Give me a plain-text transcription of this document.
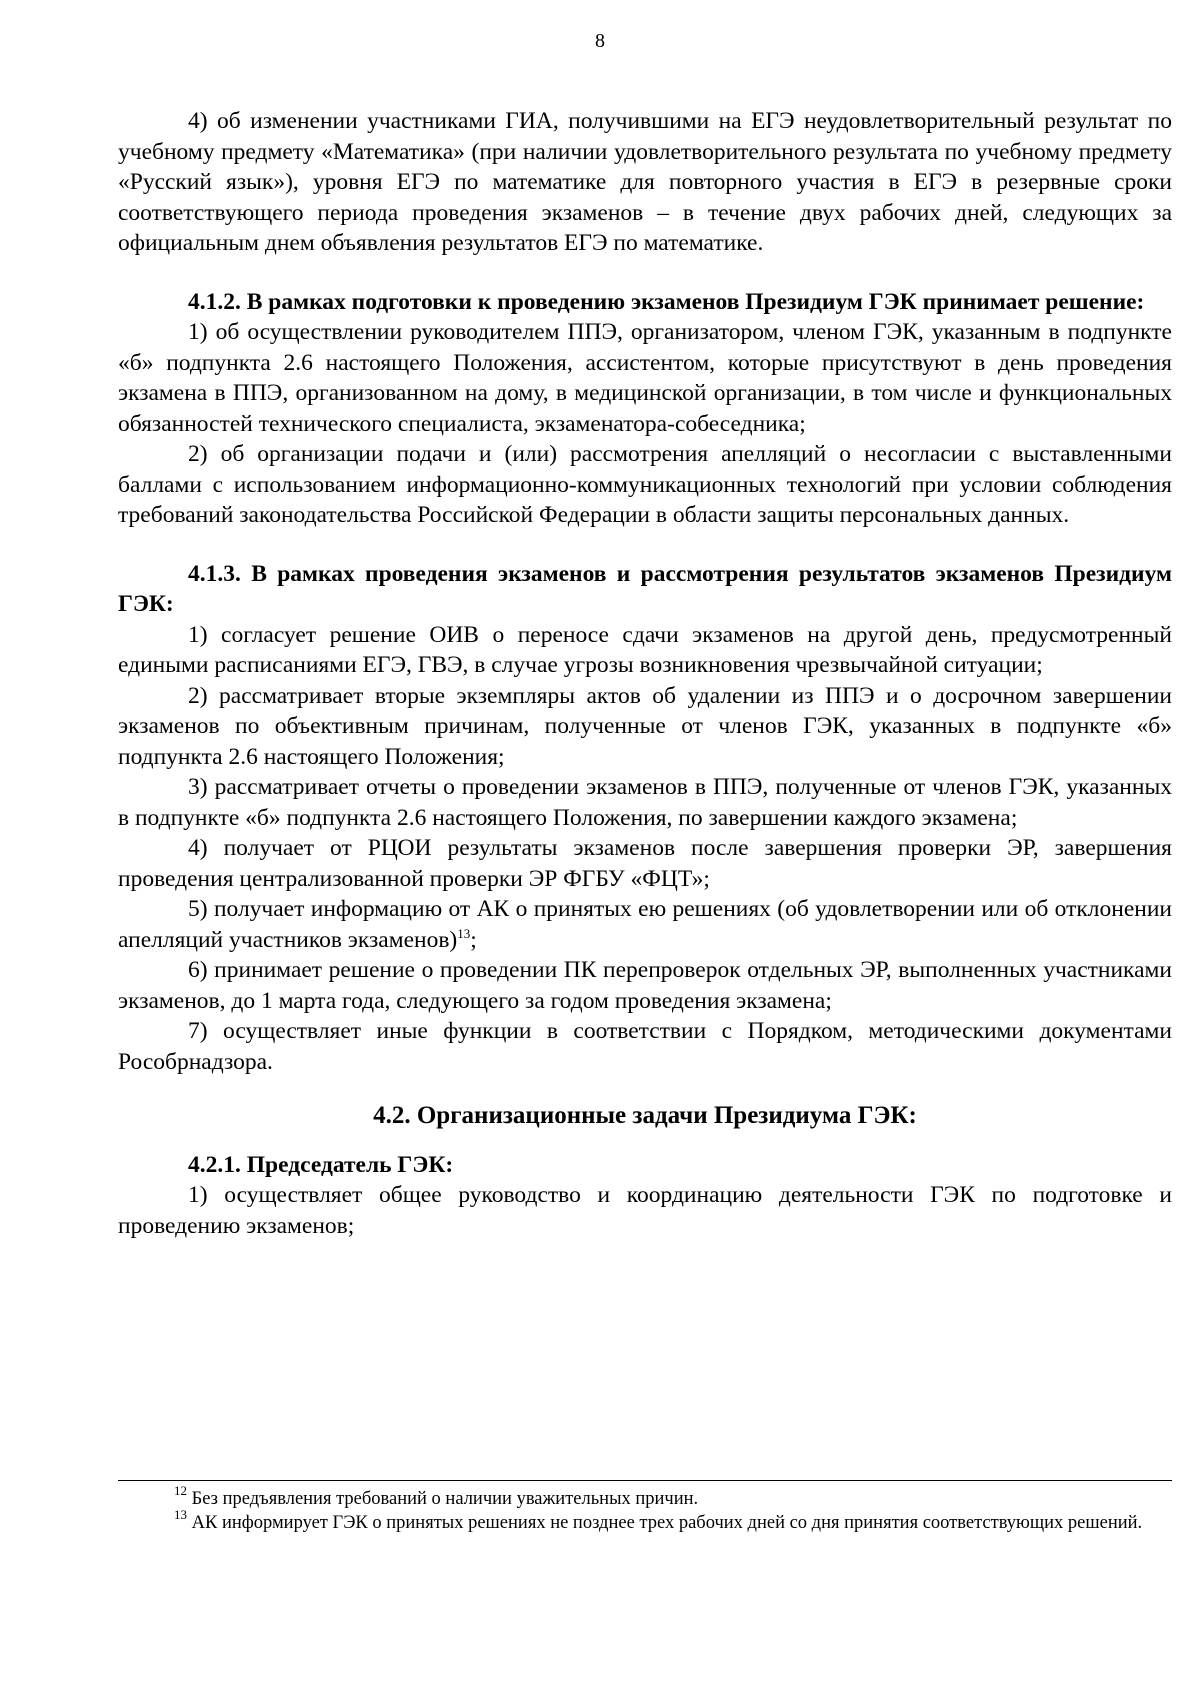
8

4) об изменении участниками ГИА, получившими на ЕГЭ неудовлетворительный результат по учебному предмету «Математика» (при наличии удовлетворительного результата по учебному предмету «Русский язык»), уровня ЕГЭ по математике для повторного участия в ЕГЭ в резервные сроки соответствующего периода проведения экзаменов – в течение двух рабочих дней, следующих за официальным днем объявления результатов ЕГЭ по математике.

4.1.2. В рамках подготовки к проведению экзаменов Президиум ГЭК принимает решение:

1) об осуществлении руководителем ППЭ, организатором, членом ГЭК, указанным в подпункте «б» подпункта 2.6 настоящего Положения, ассистентом, которые присутствуют в день проведения экзамена в ППЭ, организованном на дому, в медицинской организации, в том числе и функциональных обязанностей технического специалиста, экзаменатора-собеседника;

2) об организации подачи и (или) рассмотрения апелляций о несогласии с выставленными баллами с использованием информационно-коммуникационных технологий при условии соблюдения требований законодательства Российской Федерации в области защиты персональных данных.

4.1.3. В рамках проведения экзаменов и рассмотрения результатов экзаменов Президиум ГЭК:

1) согласует решение ОИВ о переносе сдачи экзаменов на другой день, предусмотренный едиными расписаниями ЕГЭ, ГВЭ, в случае угрозы возникновения чрезвычайной ситуации;

2) рассматривает вторые экземпляры актов об удалении из ППЭ и о досрочном завершении экзаменов по объективным причинам, полученные от членов ГЭК, указанных в подпункте «б» подпункта 2.6 настоящего Положения;

3) рассматривает отчеты о проведении экзаменов в ППЭ, полученные от членов ГЭК, указанных в подпункте «б» подпункта 2.6 настоящего Положения, по завершении каждого экзамена;

4) получает от РЦОИ результаты экзаменов после завершения проверки ЭР, завершения проведения централизованной проверки ЭР ФГБУ «ФЦТ»;

5) получает информацию от АК о принятых ею решениях (об удовлетворении или об отклонении апелляций участников экзаменов)$^{13}$;

6) принимает решение о проведении ПК перепроверок отдельных ЭР, выполненных участниками экзаменов, до 1 марта года, следующего за годом проведения экзамена;

7) осуществляет иные функции в соответствии с Порядком, методическими документами Рособрнадзора.

4.2. Организационные задачи Президиума ГЭК:

4.2.1. Председатель ГЭК:

1) осуществляет общее руководство и координацию деятельности ГЭК по подготовке и проведению экзаменов;

$^{12}$ Без предъявления требований о наличии уважительных причин.

$^{13}$ АК информирует ГЭК о принятых решениях не позднее трех рабочих дней со дня принятия соответствующих решений.
